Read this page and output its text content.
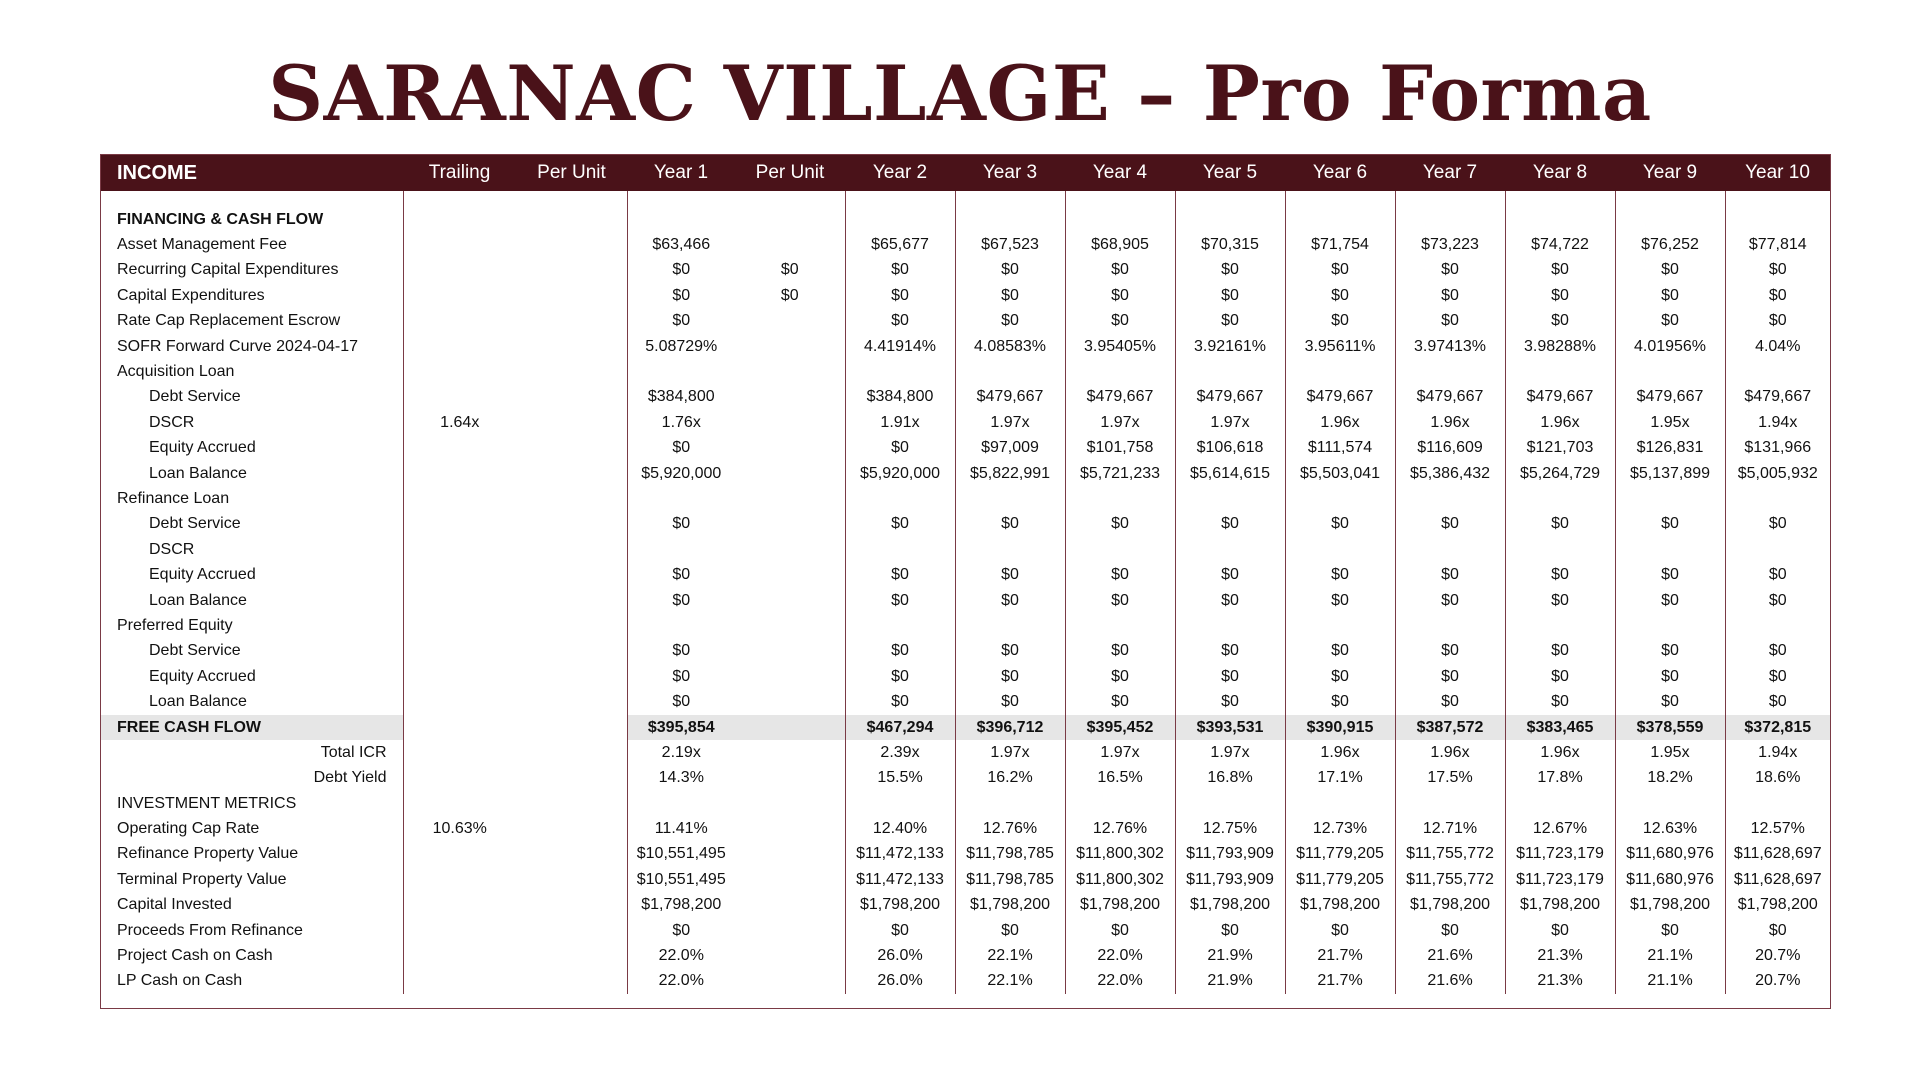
SARANAC VILLAGE – Pro Forma
INCOME	Trailing	Per Unit	Year 1	Per Unit	Year 2	Year 3	Year 4	Year 5	Year 6	Year 7	Year 8	Year 9	Year 10

FINANCING & CASH FLOW													
Asset Management Fee			$63,466		$65,677	$67,523	$68,905	$70,315	$71,754	$73,223	$74,722	$76,252	$77,814
Recurring Capital Expenditures			$0	$0	$0	$0	$0	$0	$0	$0	$0	$0	$0
Capital Expenditures			$0	$0	$0	$0	$0	$0	$0	$0	$0	$0	$0
Rate Cap Replacement Escrow			$0		$0	$0	$0	$0	$0	$0	$0	$0	$0
SOFR Forward Curve 2024-04-17			5.08729%		4.41914%	4.08583%	3.95405%	3.92161%	3.95611%	3.97413%	3.98288%	4.01956%	4.04%
Acquisition Loan													
Debt Service			$384,800		$384,800	$479,667	$479,667	$479,667	$479,667	$479,667	$479,667	$479,667	$479,667
DSCR	1.64x		1.76x		1.91x	1.97x	1.97x	1.97x	1.96x	1.96x	1.96x	1.95x	1.94x
Equity Accrued			$0		$0	$97,009	$101,758	$106,618	$111,574	$116,609	$121,703	$126,831	$131,966
Loan Balance			$5,920,000		$5,920,000	$5,822,991	$5,721,233	$5,614,615	$5,503,041	$5,386,432	$5,264,729	$5,137,899	$5,005,932
Refinance Loan													
Debt Service			$0		$0	$0	$0	$0	$0	$0	$0	$0	$0
DSCR													
Equity Accrued			$0		$0	$0	$0	$0	$0	$0	$0	$0	$0
Loan Balance			$0		$0	$0	$0	$0	$0	$0	$0	$0	$0
Preferred Equity													
Debt Service			$0		$0	$0	$0	$0	$0	$0	$0	$0	$0
Equity Accrued			$0		$0	$0	$0	$0	$0	$0	$0	$0	$0
Loan Balance			$0		$0	$0	$0	$0	$0	$0	$0	$0	$0
FREE CASH FLOW			$395,854		$467,294	$396,712	$395,452	$393,531	$390,915	$387,572	$383,465	$378,559	$372,815
Total ICR			2.19x		2.39x	1.97x	1.97x	1.97x	1.96x	1.96x	1.96x	1.95x	1.94x
Debt Yield			14.3%		15.5%	16.2%	16.5%	16.8%	17.1%	17.5%	17.8%	18.2%	18.6%
INVESTMENT METRICS													
Operating Cap Rate	10.63%		11.41%		12.40%	12.76%	12.76%	12.75%	12.73%	12.71%	12.67%	12.63%	12.57%
Refinance Property Value			$10,551,495		$11,472,133	$11,798,785	$11,800,302	$11,793,909	$11,779,205	$11,755,772	$11,723,179	$11,680,976	$11,628,697
Terminal Property Value			$10,551,495		$11,472,133	$11,798,785	$11,800,302	$11,793,909	$11,779,205	$11,755,772	$11,723,179	$11,680,976	$11,628,697
Capital Invested			$1,798,200		$1,798,200	$1,798,200	$1,798,200	$1,798,200	$1,798,200	$1,798,200	$1,798,200	$1,798,200	$1,798,200
Proceeds From Refinance			$0		$0	$0	$0	$0	$0	$0	$0	$0	$0
Project Cash on Cash			22.0%		26.0%	22.1%	22.0%	21.9%	21.7%	21.6%	21.3%	21.1%	20.7%
LP Cash on Cash			22.0%		26.0%	22.1%	22.0%	21.9%	21.7%	21.6%	21.3%	21.1%	20.7%
